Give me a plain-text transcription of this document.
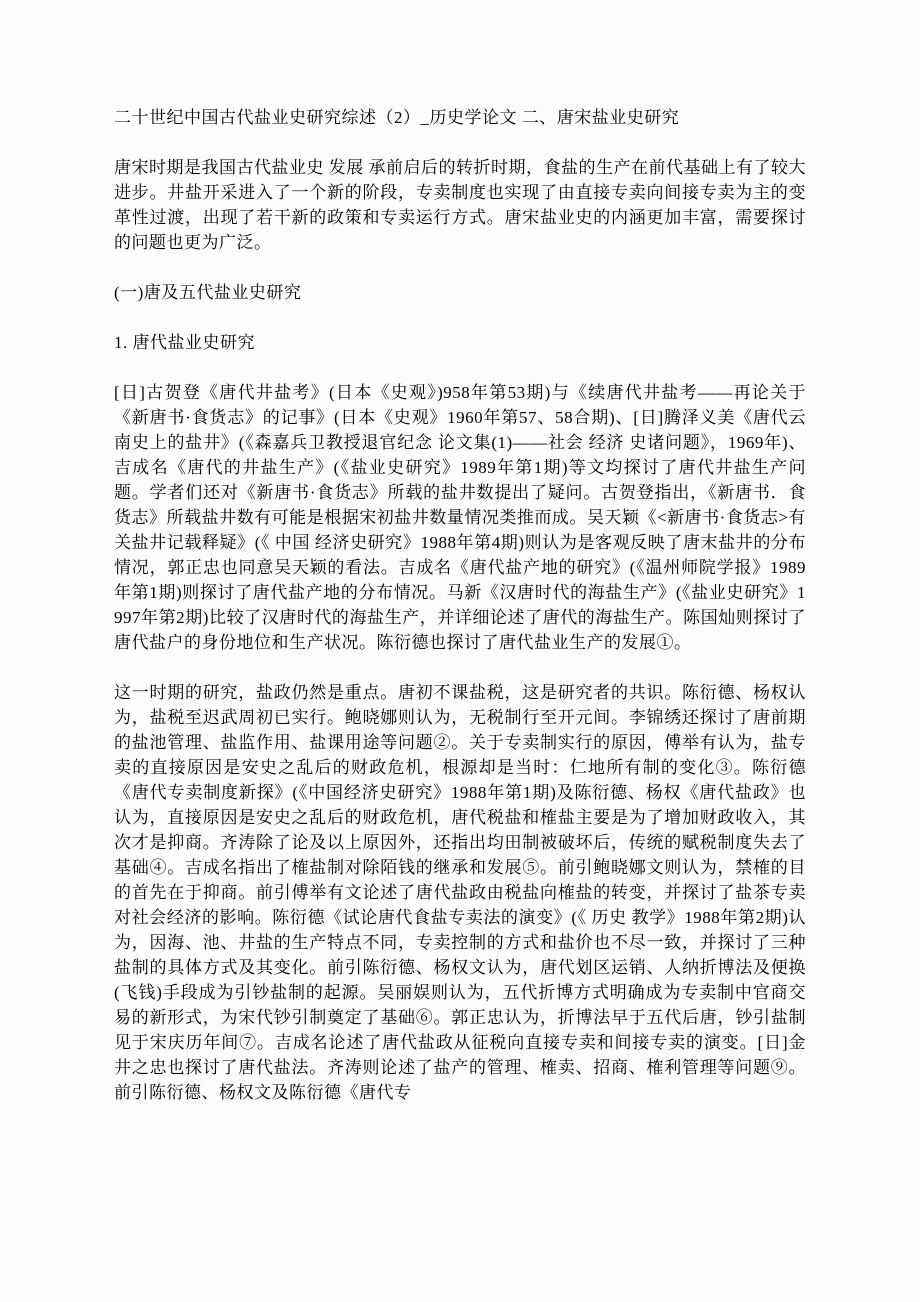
二十世纪中国古代盐业史研究综述（2）_历史学论文 二、唐宋盐业史研究

唐宋时期是我国古代盐业史 发展 承前启后的转折时期，食盐的生产在前代基础上有了较大进步。井盐开采进入了一个新的阶段，专卖制度也实现了由直接专卖向间接专卖为主的变革性过渡，出现了若干新的政策和专卖运行方式。唐宋盐业史的内涵更加丰富，需要探讨的问题也更为广泛。

(一)唐及五代盐业史研究
1. 唐代盐业史研究

[日]古贺登《唐代井盐考》(日本《史观》)958年第53期)与《续唐代井盐考——再论关于《新唐书·食货志》的记事》(日本《史观》1960年第57、58合期)、[日]腾泽义美《唐代云南史上的盐井》(《森嘉兵卫教授退官纪念 论文集(1)——社会 经济 史诸问题》，1969年)、吉成名《唐代的井盐生产》(《盐业史研究》1989年第1期)等文均探讨了唐代井盐生产问题。学者们还对《新唐书·食货志》所载的盐井数提出了疑问。古贺登指出，《新唐书．食货志》所载盐井数有可能是根据宋初盐井数量情况类推而成。吴天颖《<新唐书·食货志>有关盐井记载释疑》(《 中国 经济史研究》1988年第4期)则认为是客观反映了唐末盐井的分布情况，郭正忠也同意吴天颖的看法。吉成名《唐代盐产地的研究》(《温州师院学报》1989年第1期)则探讨了唐代盐产地的分布情况。马新《汉唐时代的海盐生产》(《盐业史研究》1997年第2期)比较了汉唐时代的海盐生产，并详细论述了唐代的海盐生产。陈国灿则探讨了唐代盐户的身份地位和生产状况。陈衍德也探讨了唐代盐业生产的发展①。

这一时期的研究，盐政仍然是重点。唐初不课盐税，这是研究者的共识。陈衍德、杨权认为，盐税至迟武周初已实行。鲍晓娜则认为，无税制行至开元间。李锦绣还探讨了唐前期的盐池管理、盐监作用、盐课用途等问题②。关于专卖制实行的原因，傅举有认为，盐专卖的直接原因是安史之乱后的财政危机，根源却是当时：仁地所有制的变化③。陈衍德《唐代专卖制度新探》(《中国经济史研究》1988年第1期)及陈衍德、杨权《唐代盐政》也认为，直接原因是安史之乱后的财政危机，唐代税盐和榷盐主要是为了增加财政收入，其次才是抑商。齐涛除了论及以上原因外，还指出均田制被破坏后，传统的赋税制度失去了基础④。吉成名指出了榷盐制对除陌钱的继承和发展⑤。前引鲍晓娜文则认为，禁榷的目的首先在于抑商。前引傅举有文论述了唐代盐政由税盐向榷盐的转变，并探讨了盐茶专卖对社会经济的影响。陈衍德《试论唐代食盐专卖法的演变》(《 历史 教学》1988年第2期)认为，因海、池、井盐的生产特点不同，专卖控制的方式和盐价也不尽一致，并探讨了三种盐制的具体方式及其变化。前引陈衍德、杨权文认为，唐代划区运销、人纳折博法及便换(飞钱)手段成为引钞盐制的起源。吴丽娱则认为，五代折博方式明确成为专卖制中官商交易的新形式，为宋代钞引制奠定了基础⑥。郭正忠认为，折博法早于五代后唐，钞引盐制见于宋庆历年间⑦。吉成名论述了唐代盐政从征税向直接专卖和间接专卖的演变。[日]金井之忠也探讨了唐代盐法。齐涛则论述了盐产的管理、榷卖、招商、榷利管理等问题⑨。前引陈衍德、杨权文及陈衍德《唐代专
